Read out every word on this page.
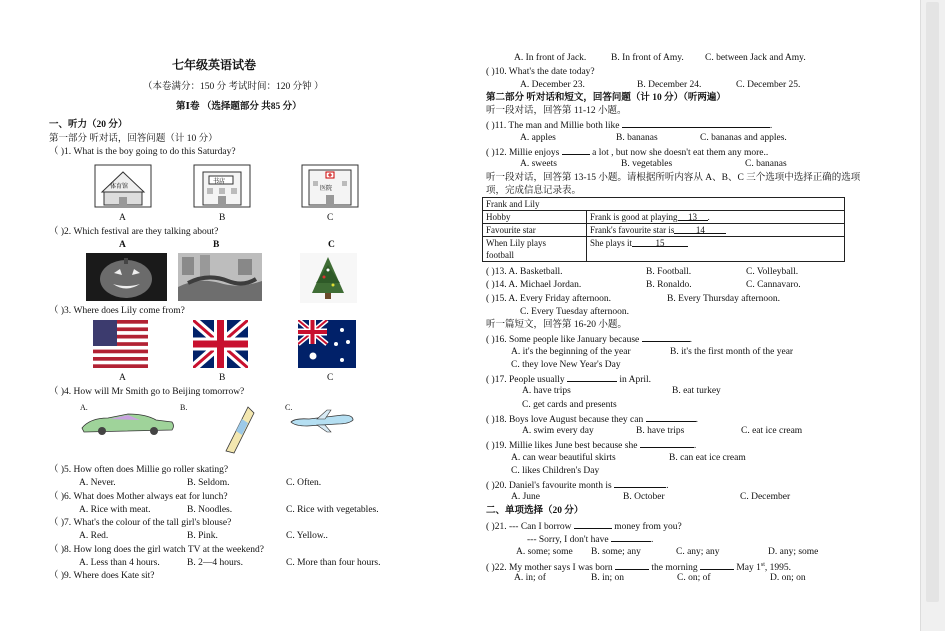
七年级英语试卷
（本卷满分：150 分 考试时间：120 分钟 ）
第Ⅰ卷 （选择题部分 共85 分）
一、听力（20 分）
第一部分 听对话，回答问题（计 10 分）
（ )1. What is the boy going to do this Saturday?
体育馆
书店
医院
A	B	C
（ )2. Which festival are they talking about?
A	B	C
（ )3. Where does Lily come from?
A	B	C
（ )4. How will Mr Smith go to Beijing tomorrow?
A.	B.	C.
（ )5. How often does Millie go roller skating?
A. Never.	B. Seldom.	C. Often.
（ )6. What does Mother always eat for lunch?
A. Rice with meat.	B. Noodles.	C. Rice with vegetables.
（ )7. What's the colour of the tall girl's blouse?
A. Red.	B. Pink.	C. Yellow..
（ )8. How long does the girl watch TV at the weekend?
A. Less than 4 hours.	B. 2—4 hours.	C. More than four hours.
（ )9. Where does Kate sit?
A. In front of Jack.	B. In front of Amy. C. between Jack and Amy.
( )10. What's the date today?
A. December 23.	B. December 24.	C. December 25.
第二部分 听对话和短文，回答问题（计 10 分）（听两遍）
听一段对话，回答第 11-12 小题。
( )11. The man and Millie both like	.
A. apples	B. bananas	C. bananas and apples.
( )12. Millie enjoys	a lot , but now she doesn't eat them any more..
A. sweets	B. vegetables	C. bananas
听一段对话，回答第 13-15 小题。请根据所听内容从 A、B、C 三个选项中选择正确的选项
项，完成信息记录表。
Frank and Lily	
Hobby	Frank is good at playing 13 .
Favourite star	Frank's favourite star is 14
When Lily plays
football	She plays it 15
( )13. A. Basketball.	B. Football.	C. Volleyball.
( )14. A. Michael Jordan.	B. Ronaldo.	C. Cannavaro.
( )15. A. Every Friday afternoon.	B. Every Thursday afternoon.
C. Every Tuesday afternoon.
听一篇短文，回答第 16-20 小题。
( )16. Some people like January because	.
A. it's the beginning of the year	B. it's the first month of the year
C. they love New Year's Day
( )17. People usually	in April.
A. have trips	B. eat turkey
C. get cards and presents
( )18. Boys love August because they can	.
A. swim every day	B. have trips	C. eat ice cream
( )19. Millie likes June best because she	.
A. can wear beautiful skirts	B. can eat ice cream
C. likes Children's Day
( )20. Daniel's favourite month is	.
A. June	B. October	C. December
二、单项选择（20 分）
( )21. --- Can I borrow	money from you?
--- Sorry, I don't have	.
A. some; some B. some; any	C. any; any	D. any; some
( )22. My mother says I was born	the morning	May 1st, 1995.
A. in; of	B. in; on	C. on; of	D. on; on
